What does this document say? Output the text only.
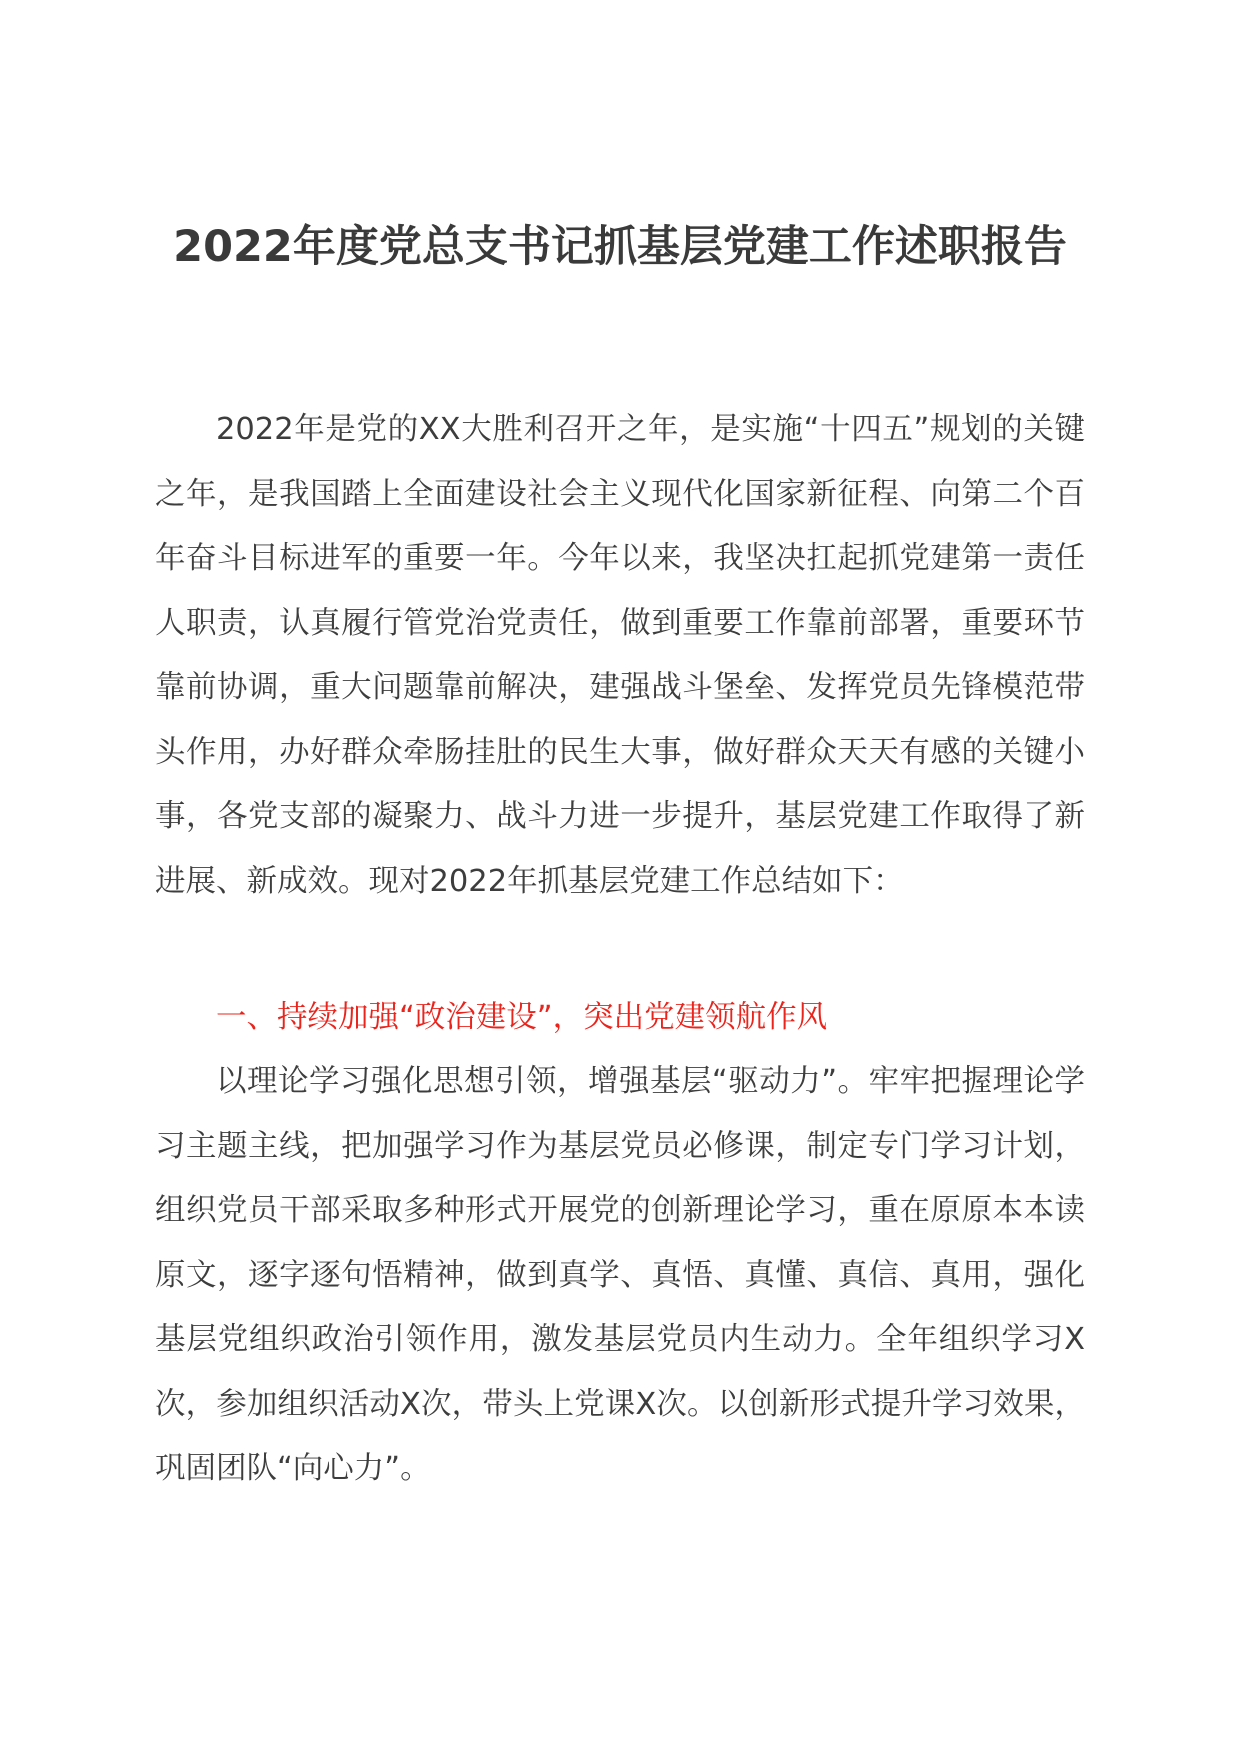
2022年度党总支书记抓基层党建工作述职报告

2022年是党的XX大胜利召开之年，是实施“十四五”规划的关键之年，是我国踏上全面建设社会主义现代化国家新征程、向第二个百年奋斗目标进军的重要一年。今年以来，我坚决扛起抓党建第一责任人职责，认真履行管党治党责任，做到重要工作靠前部署，重要环节靠前协调，重大问题靠前解决，建强战斗堡垒、发挥党员先锋模范带头作用，办好群众牵肠挂肚的民生大事，做好群众天天有感的关键小事，各党支部的凝聚力、战斗力进一步提升，基层党建工作取得了新进展、新成效。现对2022年抓基层党建工作总结如下：

一、持续加强“政治建设”，突出党建领航作风

以理论学习强化思想引领，增强基层“驱动力”。牢牢把握理论学习主题主线，把加强学习作为基层党员必修课，制定专门学习计划，组织党员干部采取多种形式开展党的创新理论学习，重在原原本本读原文，逐字逐句悟精神，做到真学、真悟、真懂、真信、真用，强化基层党组织政治引领作用，激发基层党员内生动力。全年组织学习X次，参加组织活动X次，带头上党课X次。以创新形式提升学习效果，巩固团队“向心力”。
